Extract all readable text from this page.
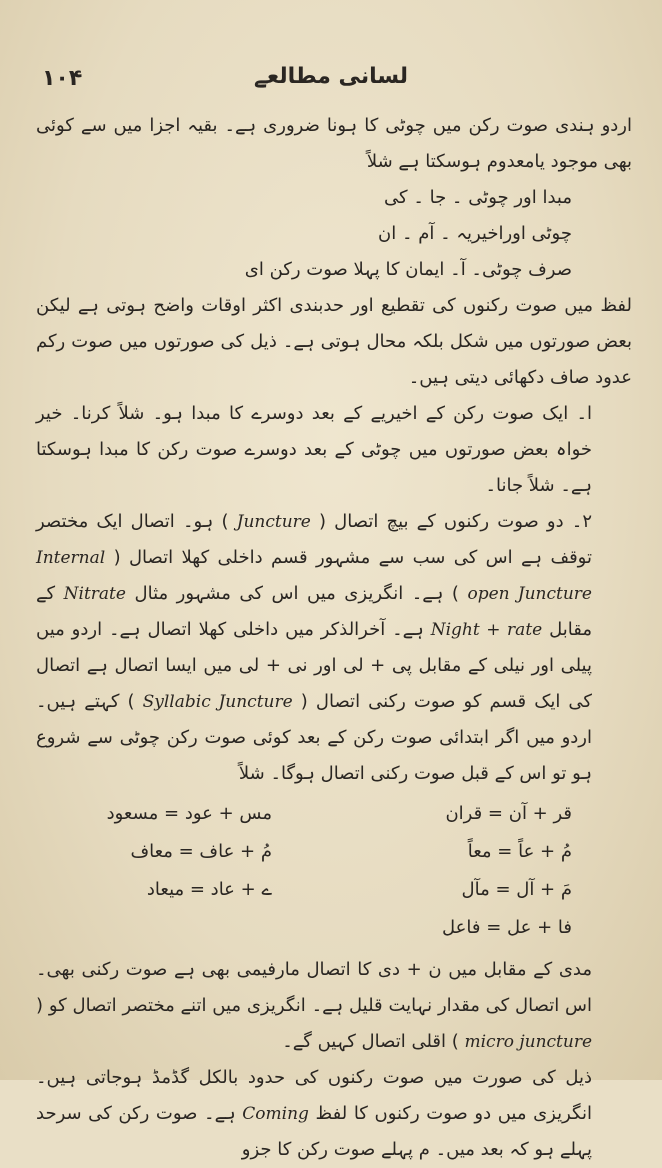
۱۰۴	لسانی مطالعے

اردو ہندی صوت رکن میں چوٹی کا ہونا ضروری ہے۔ بقیہ اجزا میں سے کوئی بھی موجود یامعدوم ہوسکتا ہے شلاً

مبدا اور چوٹی ۔ جا ۔ کی

چوٹی اوراخیریہ ۔ آم ۔ ان

صرف چوٹی۔ آ۔ ایمان کا پہلا صوت رکن ای

لفظ میں صوت رکنوں کی تقطیع اور حدبندی اکثر اوقات واضح ہوتی ہے لیکن بعض صورتوں میں شکل بلکہ محال ہوتی ہے۔ ذیل کی صورتوں میں صوت رکم عدود صاف دکھائی دیتی ہیں۔

ا۔ ایک صوت رکن کے اخیریے کے بعد دوسرے کا مبدا ہو۔ شلاً کرنا۔ خیر خواہ بعض صورتوں میں چوٹی کے بعد دوسرے صوت رکن کا مبدا ہوسکتا ہے۔ شلاً جانا۔

۲۔ دو صوت رکنوں کے بیچ اتصال ( Juncture ) ہو۔ اتصال ایک مختصر توقف ہے اس کی سب سے مشہور قسم داخلی کھلا اتصال ( Internal open Juncture ) ہے۔ انگریزی میں اس کی مشہور مثال Nitrate کے مقابل Night + rate ہے۔ آخرالذکر میں داخلی کھلا اتصال ہے۔ اردو میں پیلی اور نیلی کے مقابل پی + لی اور نی + لی میں ایسا اتصال ہے اتصال کی ایک قسم کو صوت رکنی اتصال ( Syllabic Juncture ) کہتے ہیں۔ اردو میں اگر ابتدائی صوت رکن کے بعد کوئی صوت رکن چوٹی سے شروع ہو تو اس کے قبل صوت رکنی اتصال ہوگا۔ شلاً

قر + آن = قران
مس + عود = مسعود
مُ + عاً = معاً
مُ + عاف = معاف
مَ + آل = مآل
ے + عاد = میعاد
فا + عل = فاعل

مدی کے مقابل میں ن + دی کا اتصال مارفیمی بھی ہے صوت رکنی بھی۔ اس اتصال کی مقدار نہایت قلیل ہے۔ انگریزی میں اتنے مختصر اتصال کو ( micro juncture ) اقلی اتصال کہیں گے۔

ذیل کی صورت میں صوت رکنوں کی حدود بالکل گڈمڈ ہوجاتی ہیں۔ انگریزی میں دو صوت رکنوں کا لفظ Coming ہے۔ صوت رکن کی سرحد پہلے ہو کہ بعد میں۔ م پہلے صوت رکن کا جزو
